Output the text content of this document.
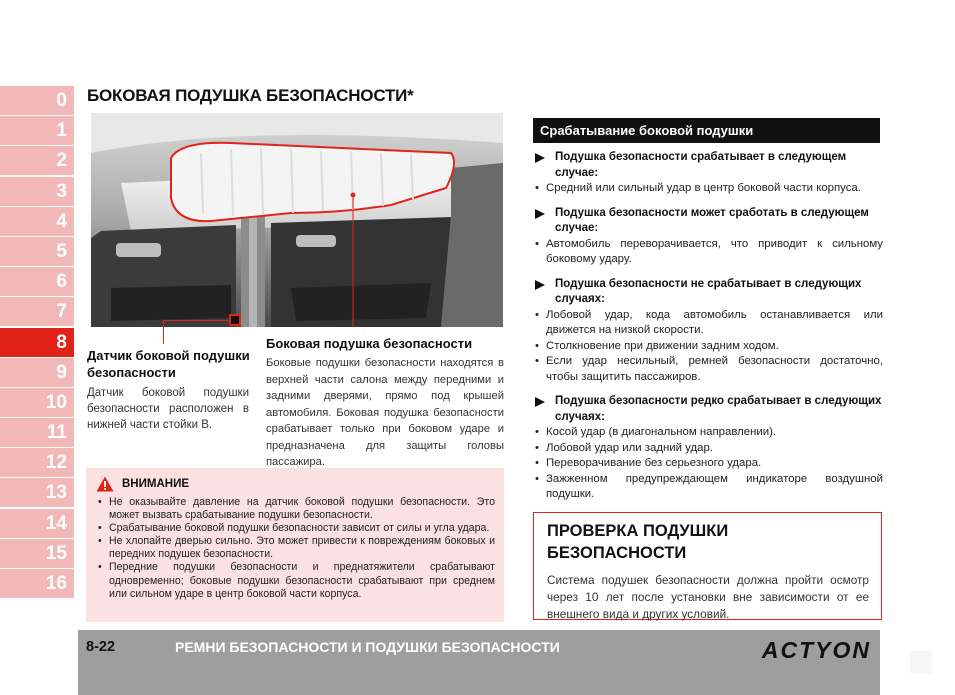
0
1
2
3
4
5
6
7
8
9
10
11
12
13
14
15
16
БОКОВАЯ ПОДУШКА БЕЗОПАСНОСТИ*
Датчик боковой подушки безопасности
Датчик боковой подушки безопасности расположен в нижней части стойки B.
Боковая подушка безопасности
Боковые подушки безопасности находятся в верхней части салона между передними и задними дверями, прямо под крышей автомобиля. Боковая подушка безопасности срабатывает только при боковом ударе и предназначена для защиты головы пассажира.
ВНИМАНИЕ
• Не оказывайте давление на датчик боковой подушки безопасности. Это может вызвать срабатывание подушки безопасности.
• Срабатывание боковой подушки безопасности зависит от силы и угла удара.
• Не хлопайте дверью сильно. Это может привести к повреждениям боковых и передних подушек безопасности.
• Передние подушки безопасности и преднатяжители срабатывают одновременно; боковые подушки безопасности срабатывают при среднем или сильном ударе в центр боковой части корпуса.
Срабатывание боковой подушки
Подушка безопасности срабатывает в следующем случае:
• Средний или сильный удар в центр боковой части корпуса.
Подушка безопасности может сработать в следующем случае:
• Автомобиль переворачивается, что приводит к сильному боковому удару.
Подушка безопасности не срабатывает в следующих случаях:
• Лобовой удар, кода автомобиль останавливается или движется на низкой скорости.
• Столкновение при движении задним ходом.
• Если удар несильный, ремней безопасности достаточно, чтобы защитить пассажиров.
Подушка безопасности редко срабатывает в следующих случаях:
• Косой удар (в диагональном направлении).
• Лобовой удар или задний удар.
• Переворачивание без серьезного удара.
• Зажженном предупреждающем индикаторе воздушной подушки.
ПРОВЕРКА ПОДУШКИ БЕЗОПАСНОСТИ
Система подушек безопасности должна пройти осмотр через 10 лет после установки вне зависимости от ее внешнего вида и других условий.
8-22	РЕМНИ БЕЗОПАСНОСТИ И ПОДУШКИ БЕЗОПАСНОСТИ	ACTYON
